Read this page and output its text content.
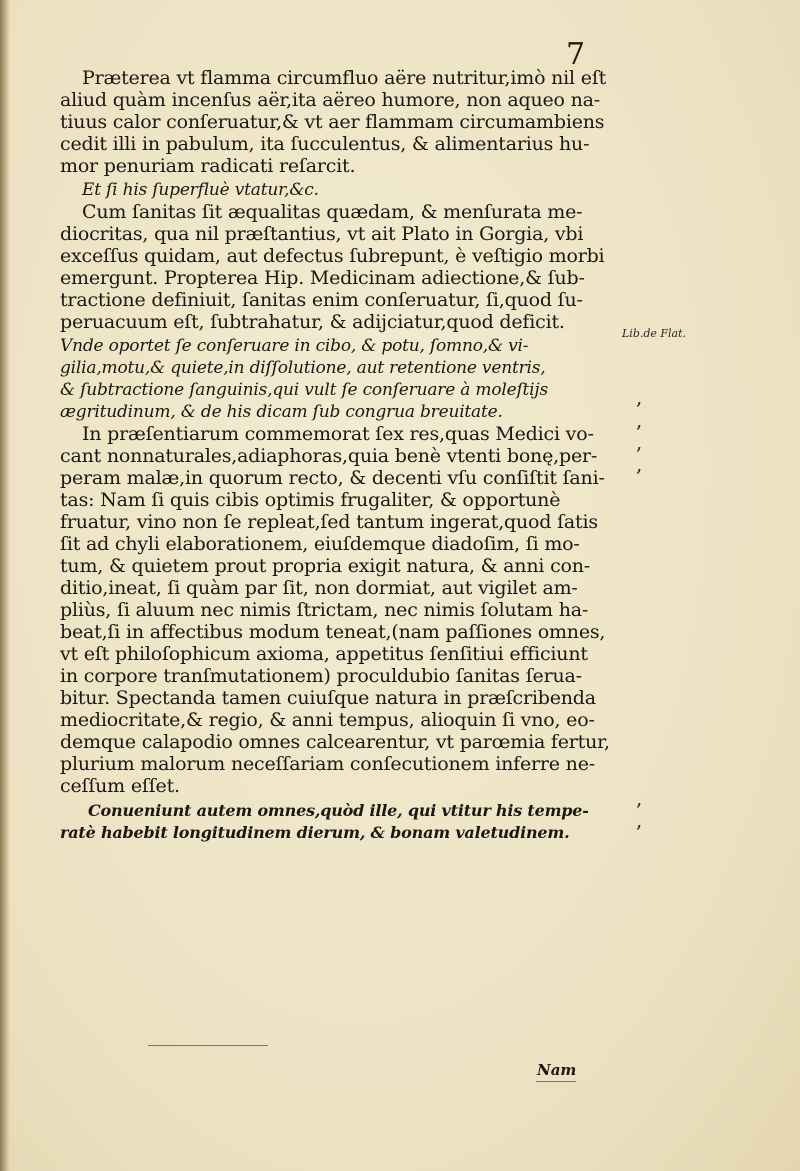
7
Præterea vt flamma circumfluo aëre nutritur,imò nil eſt
aliud quàm incenſus aër,ita aëreo humore, non aqueo na-
tiuus calor conſeruatur,& vt aer flammam circumambiens
cedit illi in pabulum, ita ſucculentus, & alimentarius hu-
mor penuriam radicati reſarcit.
Et ſi his ſuperfluè vtatur,&c.
Cum ſanitas ſit æqualitas quædam, & menſurata me-
diocritas, qua nil præſtantius, vt ait Plato in Gorgia, vbi
exceſſus quidam, aut defectus ſubrepunt, è veſtigio morbi
emergunt. Propterea Hip. Medicinam adiectione,& ſub-
tractione definiuit, ſanitas enim conſeruatur, ſi,quod ſu-
peruacuum eſt, ſubtrahatur, & adijciatur,quod deficit.
Vnde oportet ſe conſeruare in cibo, & potu, ſomno,& vi-
gilia,motu,& quiete,in diſſolutione, aut retentione ventris,
& ſubtractione ſanguinis,qui vult ſe conſeruare à moleſtijs
ægritudinum, & de his dicam ſub congrua breuitate.
In præſentiarum commemorat ſex res,quas Medici vo-
cant nonnaturales,adiaphoras,quia benè vtenti bonę,per-
peram malæ,in quorum recto, & decenti vſu conſiſtit ſani-
tas: Nam ſi quis cibis optimis frugaliter, & opportunè
fruatur, vino non ſe repleat,ſed tantum ingerat,quod ſatis
ſit ad chyli elaborationem, eiuſdemque diadoſim, ſi mo-
tum, & quietem prout propria exigit natura, & anni con-
ditio,ineat, ſi quàm par ſit, non dormiat, aut vigilet am-
pliùs, ſi aluum nec nimis ſtrictam, nec nimis ſolutam ha-
beat,ſi in affectibus modum teneat,(nam paſſiones omnes,
vt eſt philoſophicum axioma, appetitus ſenſitiui efficiunt
in corpore tranſmutationem) proculdubio ſanitas ſerua-
bitur. Spectanda tamen cuiuſque natura in præſcribenda
mediocritate,& regio, & anni tempus, alioquin ſi vno, eo-
demque calapodio omnes calcearentur, vt parœmia fertur,
plurium malorum neceſſariam conſecutionem inferre ne-
ceſſum eſſet.
Conueniunt autem omnes,quòd ille, qui vtitur his tempe-
ratè habebit longitudinem dierum, & bonam valetudinem.
Lib.de Flat.
,
,
,
,
,
,
Nam
